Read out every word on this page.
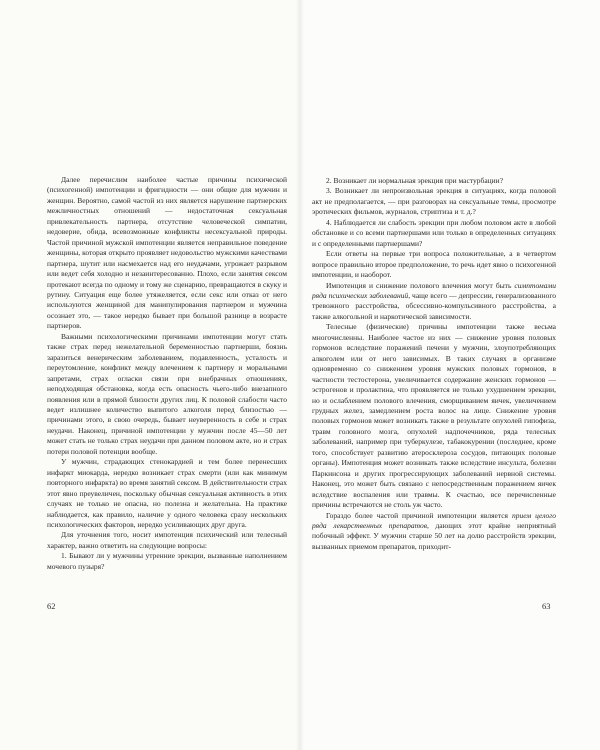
Далее перечислим наиболее частые причины психической (психогенной) импотенции и фригидности — они общие для мужчин и женщин. Вероятно, самой частой из них является нарушение партнерских межличностных отношений — недостаточная сексуальная привлекательность партнера, отсутствие человеческой симпатии, недоверие, обида, всевозможные конфликты несексуальной природы. Частой причиной мужской импотенции является неправильное поведение женщины, которая открыто проявляет недовольство мужскими качествами партнера, шутит или насмехается над его неудачами, угрожает разрывом или ведет себя холодно и незаинтересованно. Плохо, если занятия сексом протекают всегда по одному и тому же сценарию, превращаются в скуку и рутину. Ситуация еще более утяжеляется, если секс или отказ от него используются женщиной для манипулирования партнером и мужчина осознает это, — такое нередко бывает при большой разнице в возрасте партнеров.

Важными психологическими причинами импотенции могут стать также страх перед нежелательной беременностью партнерши, боязнь заразиться венерическим заболеванием, подавленность, усталость и переутомление, конфликт между влечением к партнеру и моральными запретами, страх огласки связи при внебрачных отношениях, неподходящая обстановка, когда есть опасность чьего-либо внезапного появления или в прямой близости других лиц. К половой слабости часто ведет излишнее количество выпитого алкоголя перед близостью — причинами этого, в свою очередь, бывает неуверенность в себе и страх неудачи. Наконец, причиной импотенции у мужчин после 45—50 лет может стать не только страх неудачи при данном половом акте, но и страх потери половой потенции вообще.

У мужчин, страдающих стенокардией и тем более перенесших инфаркт миокарда, нередко возникает страх смерти (или как минимум повторного инфаркта) во время занятий сексом. В действительности страх этот явно преувеличен, поскольку обычная сексуальная активность в этих случаях не только не опасна, но полезна и желательна. На практике наблюдается, как правило, наличие у одного человека сразу нескольких психологических факторов, нередко усиливающих друг друга.

Для уточнения того, носит импотенция психический или телесный характер, важно ответить на следующие вопросы:

1. Бывают ли у мужчины утренние эрекции, вызванные наполнением мочевого пузыря?

62

2. Возникает ли нормальная эрекция при мастурбации?

3. Возникает ли непроизвольная эрекция в ситуациях, когда половой акт не предполагается, — при разговорах на сексуальные темы, просмотре эротических фильмов, журналов, стриптиза и т. д.?

4. Наблюдается ли слабость эрекции при любом половом акте в любой обстановке и со всеми партнершами или только в определенных ситуациях и с определенными партнершами?

Если ответы на первые три вопроса положительные, а в четвертом вопросе правильно второе предположение, то речь идет явно о психогенной импотенции, и наоборот.

Импотенция и снижение полового влечения могут быть симптомами ряда психических заболеваний, чаще всего — депрессии, генерализованного тревожного расстройства, обсессивно-компульсивного расстройства, а также алкогольной и наркотической зависимости.

Телесные (физические) причины импотенции также весьма многочисленны. Наиболее частое из них — снижение уровня половых гормонов вследствие поражений печени у мужчин, злоупотребляющих алкоголем или от него зависимых. В таких случаях в организме одновременно со снижением уровня мужских половых гормонов, в частности тестостерона, увеличивается содержание женских гормонов — эстрогенов и пролактина, что проявляется не только ухудшением эрекции, но и ослаблением полового влечения, сморщиванием яичек, увеличением грудных желез, замедлением роста волос на лице. Снижение уровня половых гормонов может возникать также в результате опухолей гипофиза, травм головного мозга, опухолей надпочечников, ряда телесных заболеваний, например при туберкулезе, табакокурении (последнее, кроме того, способствует развитию атеросклероза сосудов, питающих половые органы). Импотенция может возникать также вследствие инсульта, болезни Паркинсона и других прогрессирующих заболеваний нервной системы. Наконец, это может быть связано с непосредственным поражением яичек вследствие воспаления или травмы. К счастью, все перечисленные причины встречаются не столь уж часто.

Гораздо более частой причиной импотенции является прием целого ряда лекарственных препаратов, дающих этот крайне неприятный побочный эффект. У мужчин старше 50 лет на долю расстройств эрекции, вызванных приемом препаратов, приходит-

63
